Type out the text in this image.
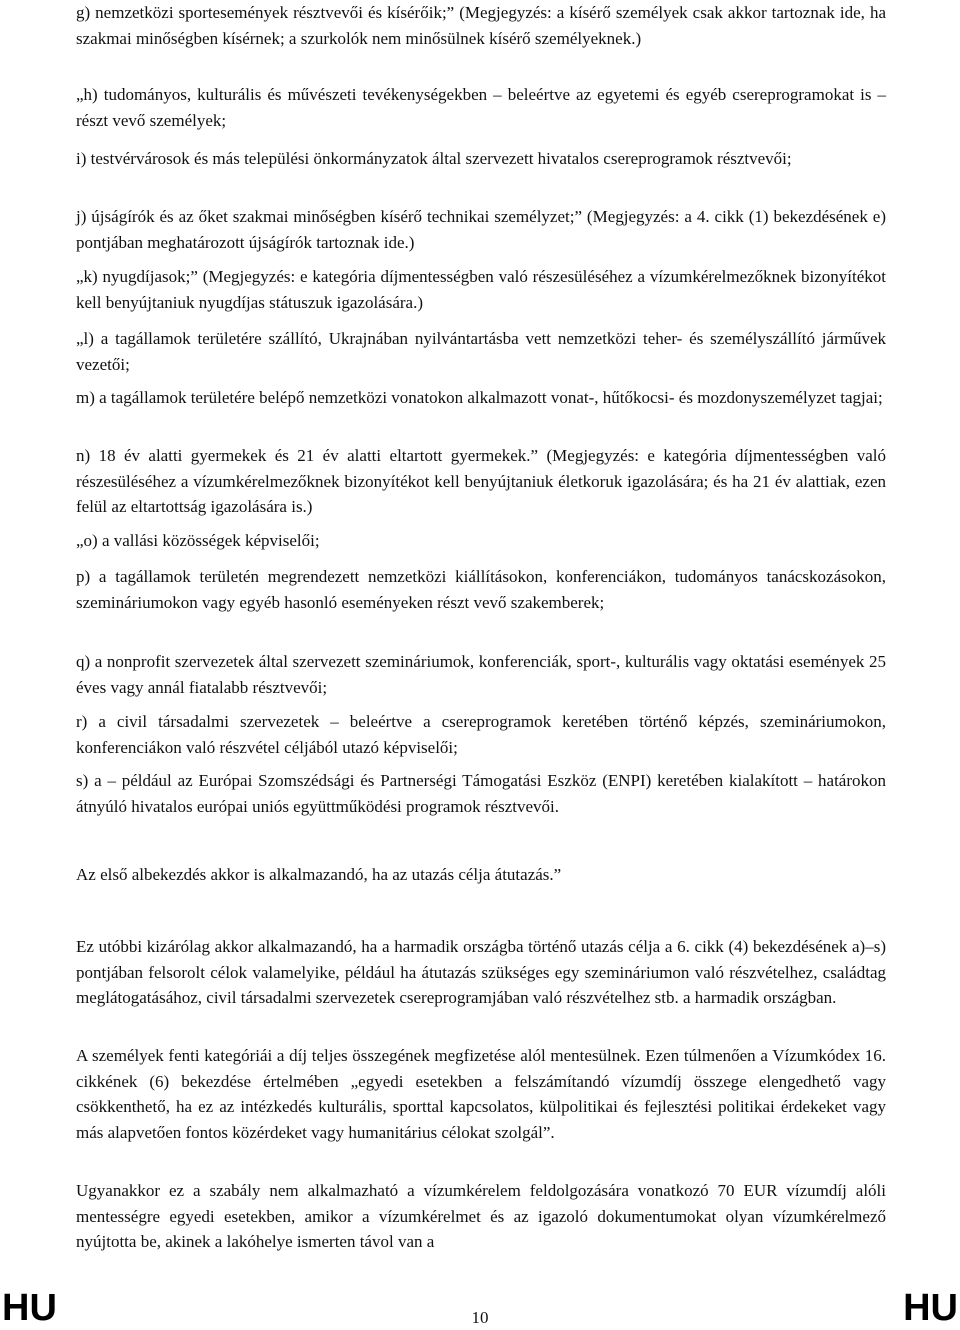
g) nemzetközi sportesemények résztvevői és kísérőik;” (Megjegyzés: a kísérő személyek csak akkor tartoznak ide, ha szakmai minőségben kísérnek; a szurkolók nem minősülnek kísérő személyeknek.)

„h) tudományos, kulturális és művészeti tevékenységekben – beleértve az egyetemi és egyéb csereprogramokat is – részt vevő személyek;

i) testvérvárosok és más települési önkormányzatok által szervezett hivatalos csereprogramok résztvevői;

j) újságírók és az őket szakmai minőségben kísérő technikai személyzet;” (Megjegyzés: a 4. cikk (1) bekezdésének e) pontjában meghatározott újságírók tartoznak ide.)

„k) nyugdíjasok;” (Megjegyzés: e kategória díjmentességben való részesüléséhez a vízumkérelmezőknek bizonyítékot kell benyújtaniuk nyugdíjas státuszuk igazolására.)

„l) a tagállamok területére szállító, Ukrajnában nyilvántartásba vett nemzetközi teher- és személyszállító járművek vezetői;

m) a tagállamok területére belépő nemzetközi vonatokon alkalmazott vonat-, hűtőkocsi- és mozdonyszemélyzet tagjai;

n) 18 év alatti gyermekek és 21 év alatti eltartott gyermekek.” (Megjegyzés: e kategória díjmentességben való részesüléséhez a vízumkérelmezőknek bizonyítékot kell benyújtaniuk életkoruk igazolására; és ha 21 év alattiak, ezen felül az eltartottság igazolására is.)

„o) a vallási közösségek képviselői;

p) a tagállamok területén megrendezett nemzetközi kiállításokon, konferenciákon, tudományos tanácskozásokon, szemináriumokon vagy egyéb hasonló eseményeken részt vevő szakemberek;

q) a nonprofit szervezetek által szervezett szemináriumok, konferenciák, sport-, kulturális vagy oktatási események 25 éves vagy annál fiatalabb résztvevői;

r) a civil társadalmi szervezetek – beleértve a csereprogramok keretében történő képzés, szemináriumokon, konferenciákon való részvétel céljából utazó képviselői;

s) a – például az Európai Szomszédsági és Partnerségi Támogatási Eszköz (ENPI) keretében kialakított – határokon átnyúló hivatalos európai uniós együttműködési programok résztvevői.

Az első albekezdés akkor is alkalmazandó, ha az utazás célja átutazás.”

Ez utóbbi kizárólag akkor alkalmazandó, ha a harmadik országba történő utazás célja a 6. cikk (4) bekezdésének a)–s) pontjában felsorolt célok valamelyike, például ha átutazás szükséges egy szemináriumon való részvételhez, családtag meglátogatásához, civil társadalmi szervezetek csereprogramjában való részvételhez stb. a harmadik országban.

A személyek fenti kategóriái a díj teljes összegének megfizetése alól mentesülnek. Ezen túlmenően a Vízumkódex 16. cikkének (6) bekezdése értelmében „egyedi esetekben a felszámítandó vízumdíj összege elengedhető vagy csökkenthető, ha ez az intézkedés kulturális, sporttal kapcsolatos, külpolitikai és fejlesztési politikai érdekeket vagy más alapvetően fontos közérdeket vagy humanitárius célokat szolgál”.

Ugyanakkor ez a szabály nem alkalmazható a vízumkérelem feldolgozására vonatkozó 70 EUR vízumdíj alóli mentességre egyedi esetekben, amikor a vízumkérelmet és az igazoló dokumentumokat olyan vízumkérelmező nyújtotta be, akinek a lakóhelye ismerten távol van a

HU	10	HU
